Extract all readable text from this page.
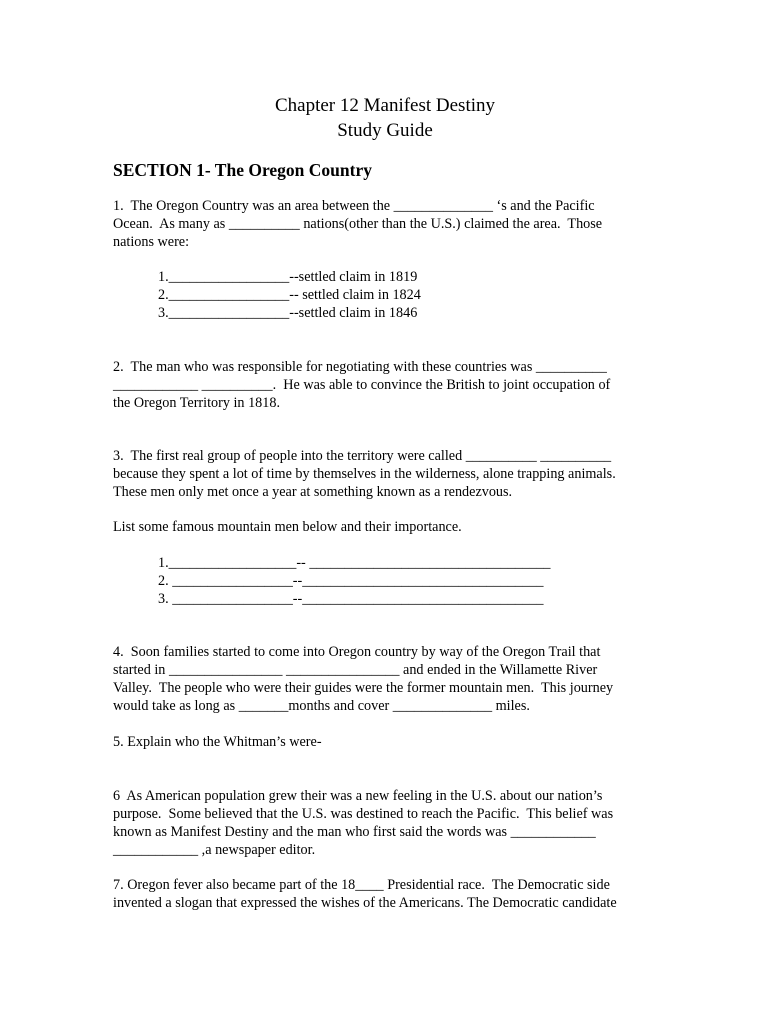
Chapter 12 Manifest Destiny
Study Guide
SECTION 1- The Oregon Country
1.  The Oregon Country was an area between the ______________ ‘s and the Pacific
Ocean.  As many as __________ nations(other than the U.S.) claimed the area.  Those
nations were:
1._________________--settled claim in 1819
2._________________-- settled claim in 1824
3._________________--settled claim in 1846
2.  The man who was responsible for negotiating with these countries was __________
____________ __________.  He was able to convince the British to joint occupation of
the Oregon Territory in 1818.
3.  The first real group of people into the territory were called __________ __________
because they spent a lot of time by themselves in the wilderness, alone trapping animals.
These men only met once a year at something known as a rendezvous.
List some famous mountain men below and their importance.
1.__________________-- __________________________________
2. _________________--__________________________________
3. _________________--__________________________________
4.  Soon families started to come into Oregon country by way of the Oregon Trail that
started in ________________ ________________ and ended in the Willamette River
Valley.  The people who were their guides were the former mountain men.  This journey
would take as long as _______months and cover ______________ miles.
5. Explain who the Whitman’s were-
6  As American population grew their was a new feeling in the U.S. about our nation’s
purpose.  Some believed that the U.S. was destined to reach the Pacific.  This belief was
known as Manifest Destiny and the man who first said the words was ____________
____________ ,a newspaper editor.
7. Oregon fever also became part of the 18____ Presidential race.  The Democratic side
invented a slogan that expressed the wishes of the Americans. The Democratic candidate
